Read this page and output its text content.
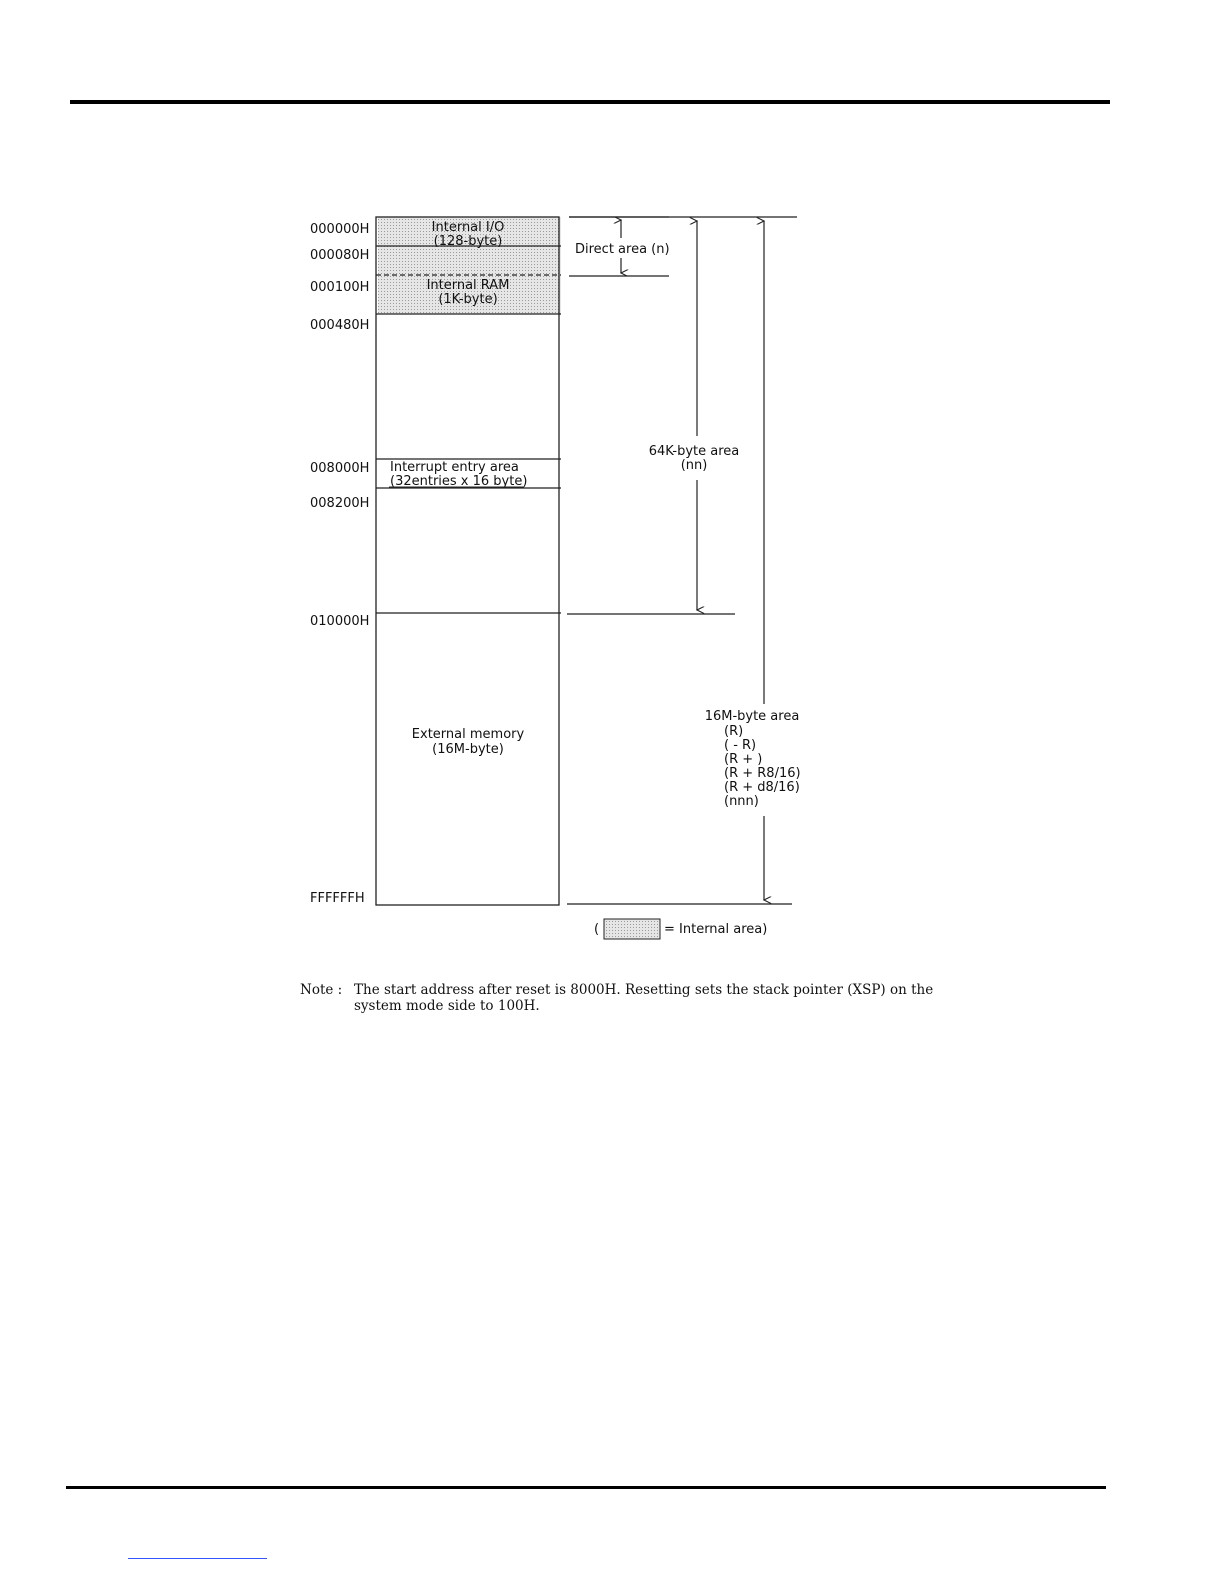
000000H
000080H
000100H
000480H
008000H
008200H
010000H
FFFFFFH
Internal I/O
(128-byte)
Internal RAM
(1K-byte)
Interrupt entry area
(32entries x 16 byte)
External memory
(16M-byte)
Direct area (n)
64K-byte area
(nn)
16M-byte area
(R)
( - R)
(R + )
(R + R8/16)
(R + d8/16)
(nnn)
(	= Internal area)
Note : The start address after reset is 8000H. Resetting sets the stack pointer (XSP) on the system mode side to 100H.
